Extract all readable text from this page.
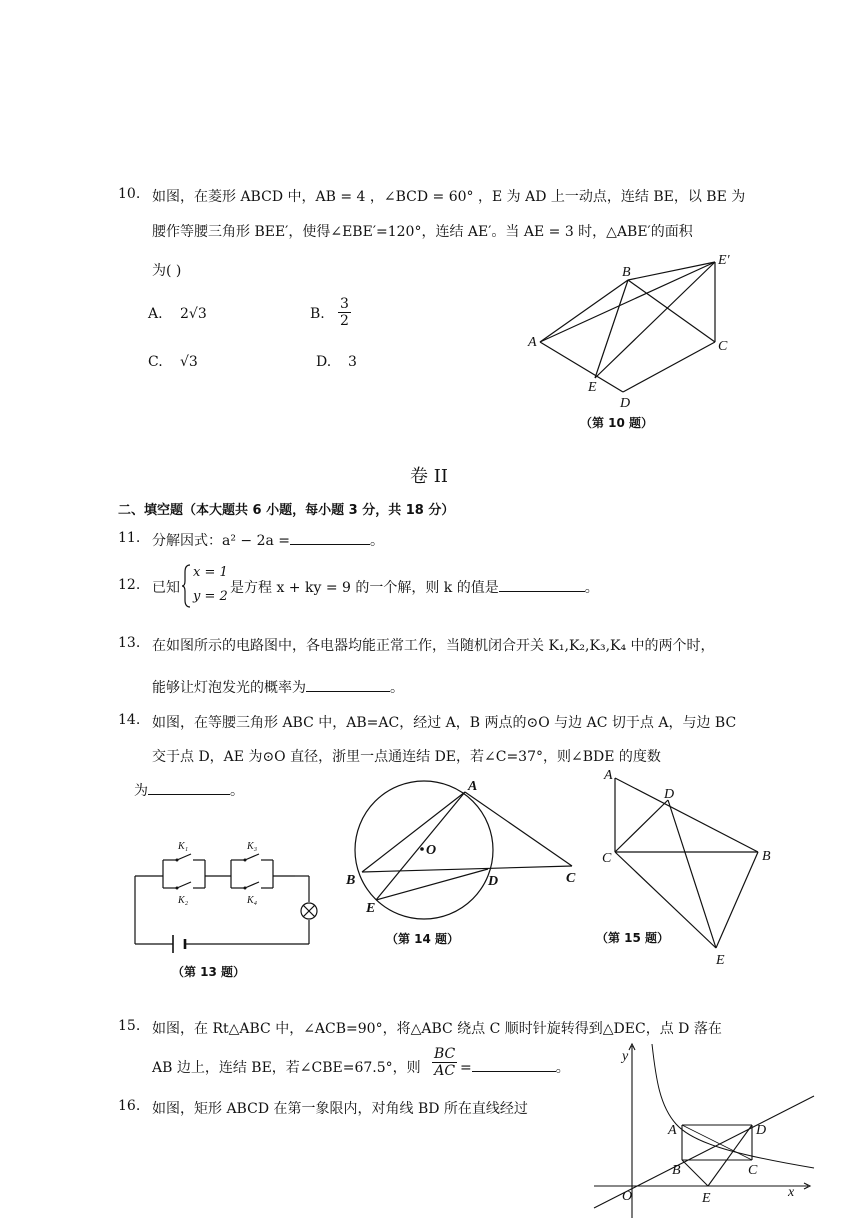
10. 如图，在菱形 ABCD 中，AB = 4 ，∠BCD = 60° ，E 为 AD 上一动点，连结 BE，以 BE 为
腰作等腰三角形 BEE′，使得∠EBE′=120°，连结 AE′。当 AE = 3 时，△ABE′的面积
为( )
A. 2√3	B. $\frac{3}{2}$
C. √3	D. 3
A
B
C
D
E
E′
（第 10 题）
卷 II
二、填空题（本大题共 6 小题，每小题 3 分，共 18 分）
11. 分解因式：a² − 2a =	。
12. 已知
x = 1
y = 2
是方程 x + ky = 9 的一个解，则 k 的值是	。
13. 在如图所示的电路图中，各电器均能正常工作，当随机闭合开关 K₁,K₂,K₃,K₄ 中的两个时，
能够让灯泡发光的概率为	。
14. 如图，在等腰三角形 ABC 中，AB=AC，经过 A，B 两点的⊙O 与边 AC 切于点 A，与边 BC
交于点 D，AE 为⊙O 直径，浙里一点通连结 DE，若∠C=37°，则∠BDE 的度数
为	。
K₁
K₂
K₃
K₄
（第 13 题）
A
B	C
D
E
O
（第 14 题）
A
B
C
D
E
（第 15 题）
15. 如图，在 Rt△ABC 中，∠ACB=90°，将△ABC 绕点 C 顺时针旋转得到△DEC，点 D 落在
AB 边上，连结 BE，若∠CBE=67.5°，则 $\frac{BC}{AC}$ =	。
16. 如图，矩形 ABCD 在第一象限内，对角线 BD 所在直线经过
A
B	C
D
E
O	x
y
